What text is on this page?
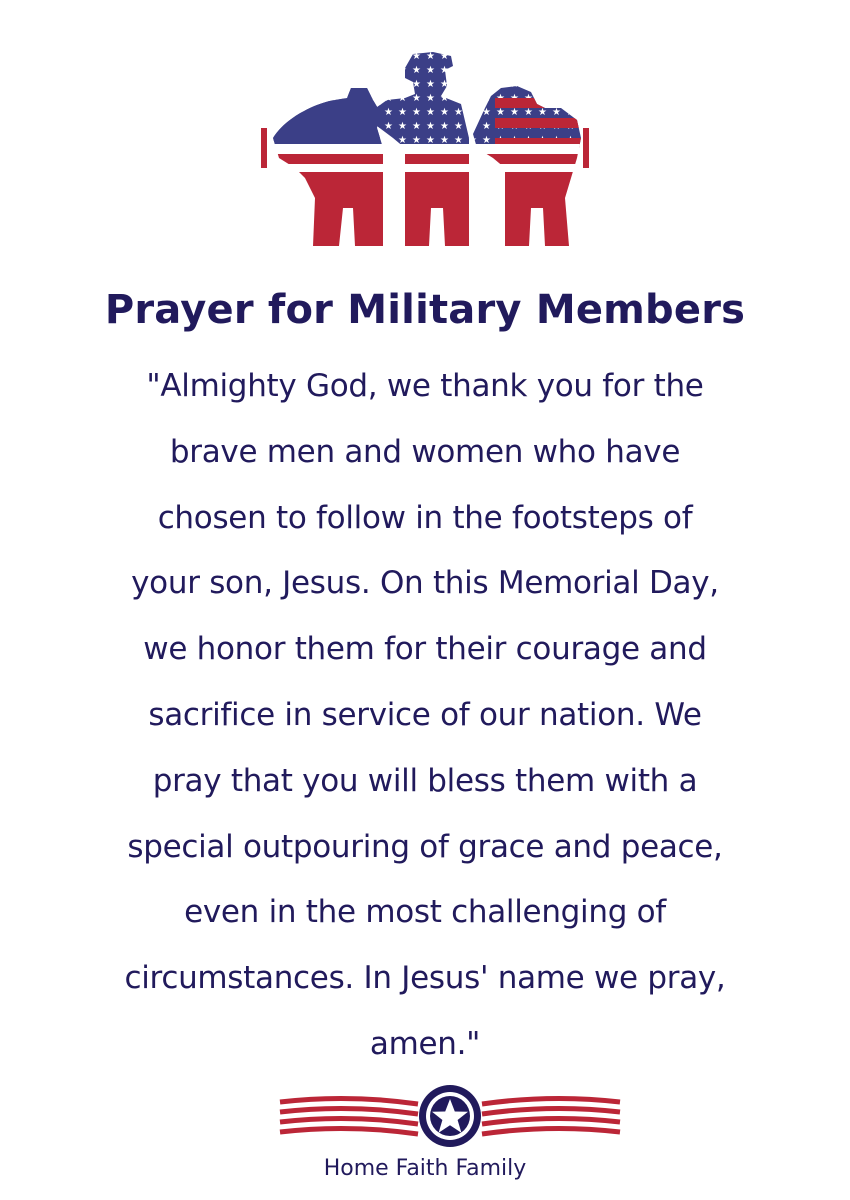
Prayer for Military Members
"Almighty God, we thank you for the
brave men and women who have
chosen to follow in the footsteps of
your son, Jesus. On this Memorial Day,
we honor them for their courage and
sacrifice in service of our nation. We
pray that you will bless them with a
special outpouring of grace and peace,
even in the most challenging of
circumstances. In Jesus' name we pray,
amen."
Home Faith Family
